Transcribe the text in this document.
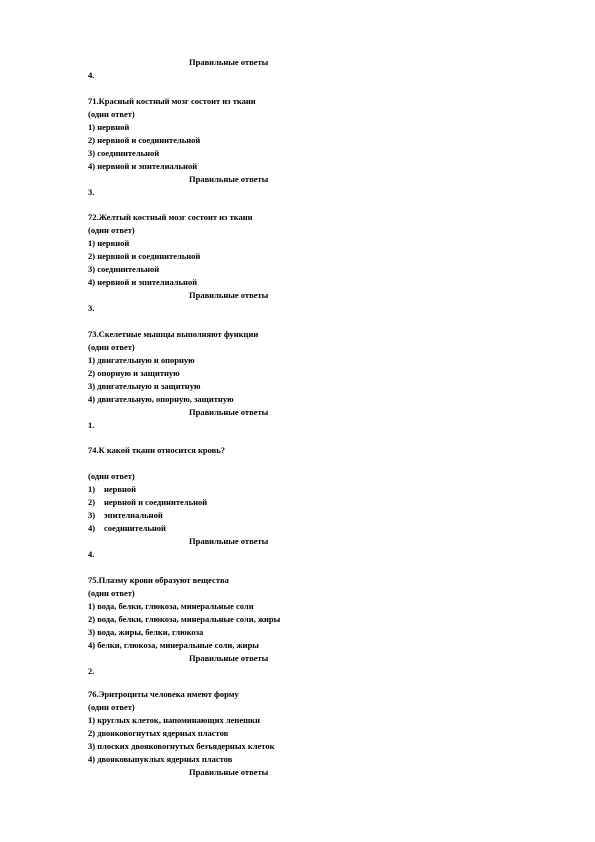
Правильные ответы
4.
71.Красный костный мозг состоит из ткани
(один ответ)
1) нервной
2) нервной и соединительной
3) соединительной
4) нервной и эпителиальной
Правильные ответы
3.
72.Желтый костный мозг состоит из ткани
(один ответ)
1) нервной
2) нервной и соединительной
3) соединительной
4) нервной и эпителиальной
Правильные ответы
3.
73.Скелетные мышцы выполняют функции
(один ответ)
1) двигательную и опорную
2) опорную и защитную
3) двигательную и защитную
4) двигательную, опорную, защитную
Правильные ответы
1.
74.К какой ткани относится кровь?
(один ответ)
1) нервной
2) нервной и соединительной
3) эпителиальной
4) соединительной
Правильные ответы
4.
75.Плазму крови образуют вещества
(один ответ)
1) вода, белки, глюкоза, минеральные соли
2) вода, белки, глюкоза, минеральные соли, жиры
3) вода, жиры, белки, глюкоза
4) белки, глюкоза, минеральные соли, жиры
Правильные ответы
2.
76.Эритроциты человека имеют форму
(один ответ)
1) круглых клеток, напоминающих лепешки
2) двояковогнутых ядерных пластов
3) плоских двояковогнутых безъядерных клеток
4) двояковыпуклых ядерных пластов
Правильные ответы
